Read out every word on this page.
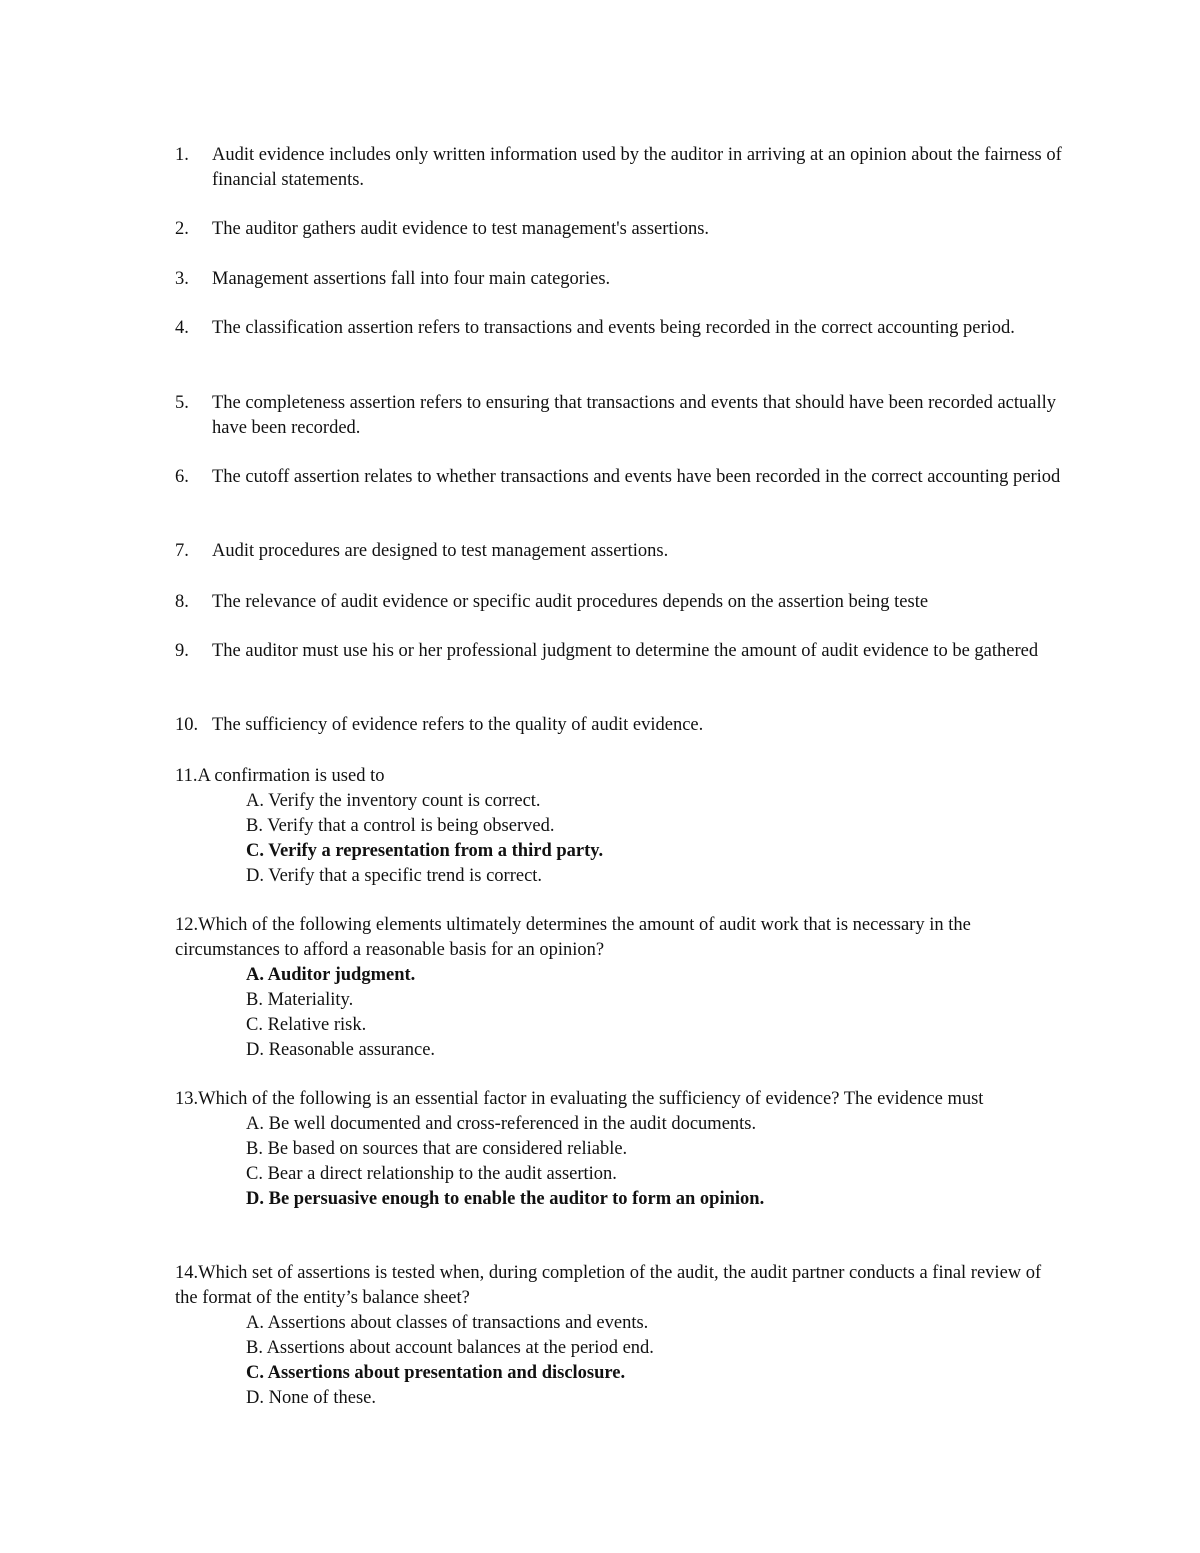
1. Audit evidence includes only written information used by the auditor in arriving at an opinion about the fairness of financial statements.
2. The auditor gathers audit evidence to test management's assertions.
3. Management assertions fall into four main categories.
4. The classification assertion refers to transactions and events being recorded in the correct accounting period.
5. The completeness assertion refers to ensuring that transactions and events that should have been recorded actually have been recorded.
6. The cutoff assertion relates to whether transactions and events have been recorded in the correct accounting period
7. Audit procedures are designed to test management assertions.
8. The relevance of audit evidence or specific audit procedures depends on the assertion being teste
9. The auditor must use his or her professional judgment to determine the amount of audit evidence to be gathered
10. The sufficiency of evidence refers to the quality of audit evidence.
11.A confirmation is used to
A. Verify the inventory count is correct.
B. Verify that a control is being observed.
C. Verify a representation from a third party.
D. Verify that a specific trend is correct.
12.Which of the following elements ultimately determines the amount of audit work that is necessary in the circumstances to afford a reasonable basis for an opinion?
A. Auditor judgment.
B. Materiality.
C. Relative risk.
D. Reasonable assurance.
13.Which of the following is an essential factor in evaluating the sufficiency of evidence? The evidence must
A. Be well documented and cross-referenced in the audit documents.
B. Be based on sources that are considered reliable.
C. Bear a direct relationship to the audit assertion.
D. Be persuasive enough to enable the auditor to form an opinion.
14.Which set of assertions is tested when, during completion of the audit, the audit partner conducts a final review of the format of the entity’s balance sheet?
A. Assertions about classes of transactions and events.
B. Assertions about account balances at the period end.
C. Assertions about presentation and disclosure.
D. None of these.
